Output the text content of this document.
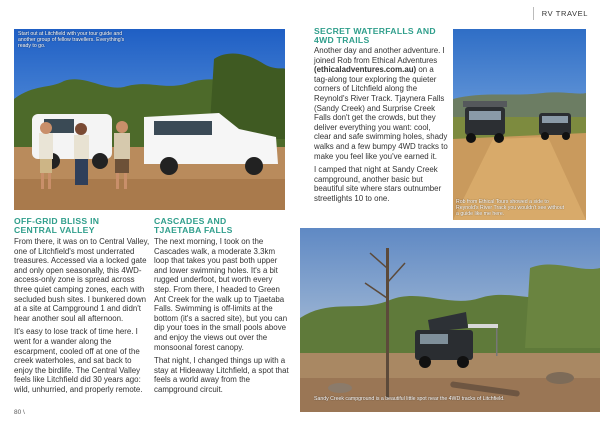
RV TRAVEL
Start out at Litchfield with your tour guide and another group of fellow travellers. Everything's ready to go.
Rob from Ethical Tours showed a side to Reynold's River Track you wouldn't see without a guide like me here.
Sandy Creek campground is a beautiful little spot near the 4WD tracks of Litchfield.
OFF-GRID BLISS IN
CENTRAL VALLEY

From there, it was on to Central Valley, one of Litchfield's most underrated treasures. Accessed via a locked gate and only open seasonally, this 4WD-access-only zone is spread across three quiet camping zones, each with secluded bush sites. I bunkered down at a site at Campground 1 and didn't hear another soul all afternoon.

It's easy to lose track of time here. I went for a wander along the escarpment, cooled off at one of the creek waterholes, and sat back to enjoy the birdlife. The Central Valley feels like Litchfield did 30 years ago: wild, unhurried, and properly remote.

CASCADES AND
TJAETABA FALLS

The next morning, I took on the Cascades walk, a moderate 3.3km loop that takes you past both upper and lower swimming holes. It's a bit rugged underfoot, but worth every step. From there, I headed to Green Ant Creek for the walk up to Tjaetaba Falls. Swimming is off-limits at the bottom (it's a sacred site), but you can dip your toes in the small pools above and enjoy the views out over the monsoonal forest canopy.

That night, I changed things up with a stay at Hideaway Litchfield, a spot that feels a world away from the campground circuit.

SECRET WATERFALLS AND
4WD TRAILS

Another day and another adventure. I joined Rob from Ethical Adventures (ethicaladventures.com.au) on a tag-along tour exploring the quieter corners of Litchfield along the Reynold's River Track. Tjaynera Falls (Sandy Creek) and Surprise Creek Falls don't get the crowds, but they deliver everything you want: cool, clear and safe swimming holes, shady walks and a few bumpy 4WD tracks to make you feel like you've earned it.

I camped that night at Sandy Creek campground, another basic but beautiful site where stars outnumber streetlights 10 to one.

80 \
